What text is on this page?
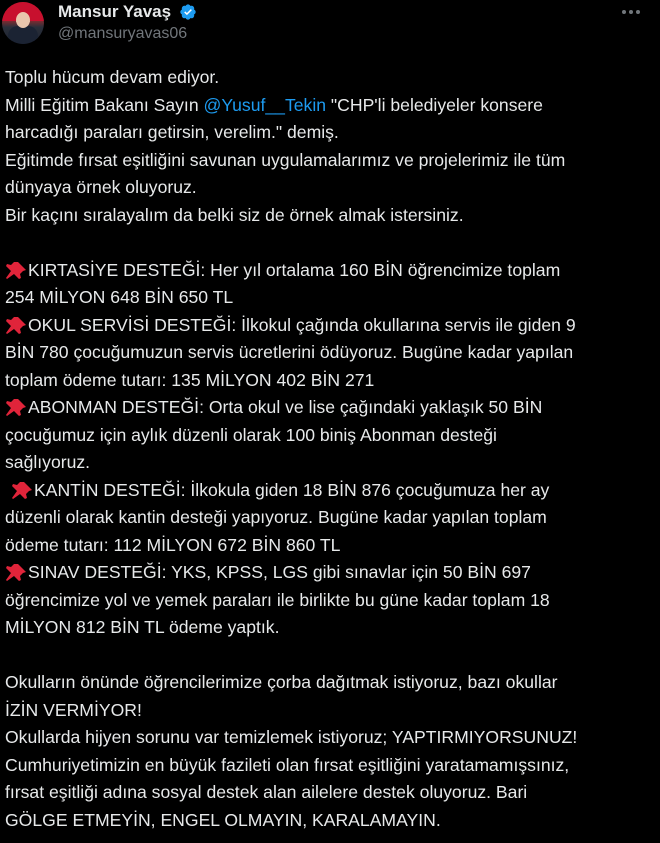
Mansur Yavaş
@mansuryavas06
Toplu hücum devam ediyor.
Milli Eğitim Bakanı Sayın @Yusuf__Tekin "CHP'li belediyeler konsere
harcadığı paraları getirsin, verelim." demiş.
Eğitimde fırsat eşitliğini savunan uygulamalarımız ve projelerimiz ile tüm
dünyaya örnek oluyoruz.
Bir kaçını sıralayalım da belki siz de örnek almak istersiniz.
KIRTASİYE DESTEĞİ: Her yıl ortalama 160 BİN öğrencimize toplam
254 MİLYON 648 BİN 650 TL
OKUL SERVİSİ DESTEĞİ: İlkokul çağında okullarına servis ile giden 9
BİN 780 çocuğumuzun servis ücretlerini ödüyoruz. Bugüne kadar yapılan
toplam ödeme tutarı: 135 MİLYON 402 BİN 271
ABONMAN DESTEĞİ: Orta okul ve lise çağındaki yaklaşık 50 BİN
çocuğumuz için aylık düzenli olarak 100 biniş Abonman desteği
sağlıyoruz.
KANTİN DESTEĞİ: İlkokula giden 18 BİN 876 çocuğumuza her ay
düzenli olarak kantin desteği yapıyoruz. Bugüne kadar yapılan toplam
ödeme tutarı: 112 MİLYON 672 BİN 860 TL
SINAV DESTEĞİ: YKS, KPSS, LGS gibi sınavlar için 50 BİN 697
öğrencimize yol ve yemek paraları ile birlikte bu güne kadar toplam 18
MİLYON 812 BİN TL ödeme yaptık.
Okulların önünde öğrencilerimize çorba dağıtmak istiyoruz, bazı okullar
İZİN VERMİYOR!
Okullarda hijyen sorunu var temizlemek istiyoruz; YAPTIRMIYORSUNUZ!
Cumhuriyetimizin en büyük fazileti olan fırsat eşitliğini yaratamamışsınız,
fırsat eşitliği adına sosyal destek alan ailelere destek oluyoruz. Bari
GÖLGE ETMEYİN, ENGEL OLMAYIN, KARALAMAYIN.
